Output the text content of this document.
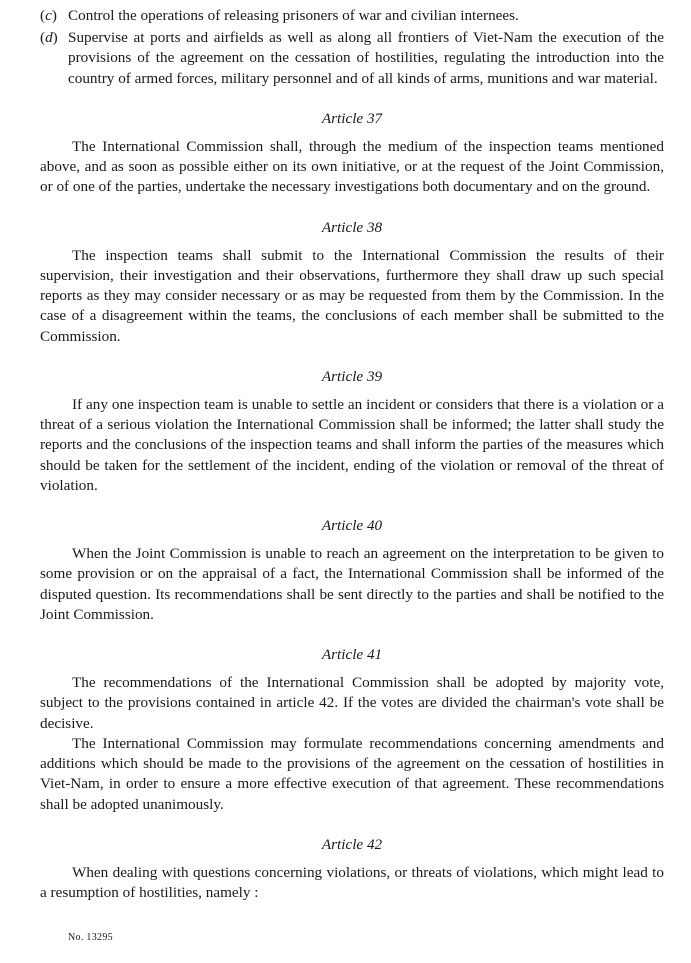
(c) Control the operations of releasing prisoners of war and civilian internees.
(d) Supervise at ports and airfields as well as along all frontiers of Viet-Nam the execution of the provisions of the agreement on the cessation of hostilities, regulating the introduction into the country of armed forces, military personnel and of all kinds of arms, munitions and war material.
Article 37

The International Commission shall, through the medium of the inspection teams mentioned above, and as soon as possible either on its own initiative, or at the request of the Joint Commission, or of one of the parties, undertake the necessary investigations both documentary and on the ground.

Article 38

The inspection teams shall submit to the International Commission the results of their supervision, their investigation and their observations, furthermore they shall draw up such special reports as they may consider necessary or as may be requested from them by the Commission. In the case of a disagreement within the teams, the conclusions of each member shall be submitted to the Commission.

Article 39

If any one inspection team is unable to settle an incident or considers that there is a violation or a threat of a serious violation the International Commission shall be informed; the latter shall study the reports and the conclusions of the inspection teams and shall inform the parties of the measures which should be taken for the settlement of the incident, ending of the violation or removal of the threat of violation.

Article 40

When the Joint Commission is unable to reach an agreement on the interpretation to be given to some provision or on the appraisal of a fact, the International Commission shall be informed of the disputed question. Its recommendations shall be sent directly to the parties and shall be notified to the Joint Commission.

Article 41

The recommendations of the International Commission shall be adopted by majority vote, subject to the provisions contained in article 42. If the votes are divided the chairman's vote shall be decisive.

The International Commission may formulate recommendations concerning amendments and additions which should be made to the provisions of the agreement on the cessation of hostilities in Viet-Nam, in order to ensure a more effective execution of that agreement. These recommendations shall be adopted unanimously.

Article 42

When dealing with questions concerning violations, or threats of violations, which might lead to a resumption of hostilities, namely :

No. 13295
